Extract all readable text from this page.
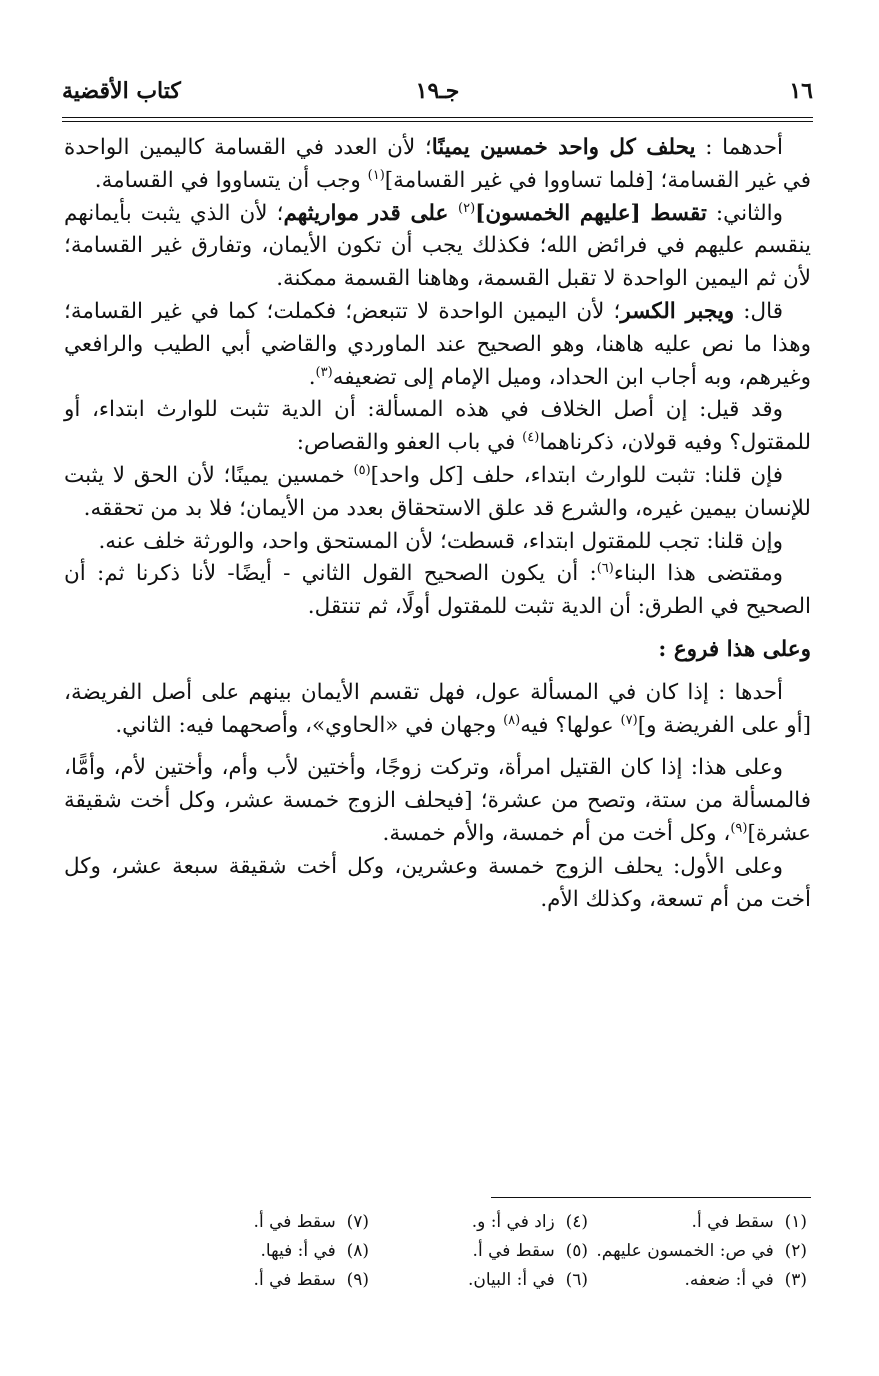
١٦
جـ١٩
كتاب الأقضية

أحدهما : يحلف كل واحد خمسين يمينًا؛ لأن العدد في القسامة كاليمين الواحدة في غير القسامة؛ [فلما تساووا في غير القسامة]$^{(١)}$ وجب أن يتساووا في القسامة.

والثاني: تقسط [عليهم الخمسون]$^{(٢)}$ على قدر مواريثهم؛ لأن الذي يثبت بأيمانهم ينقسم عليهم في فرائض الله؛ فكذلك يجب أن تكون الأيمان، وتفارق غير القسامة؛ لأن ثم اليمين الواحدة لا تقبل القسمة، وهاهنا القسمة ممكنة.

قال: ويجبر الكسر؛ لأن اليمين الواحدة لا تتبعض؛ فكملت؛ كما في غير القسامة؛ وهذا ما نص عليه هاهنا، وهو الصحيح عند الماوردي والقاضي أبي الطيب والرافعي وغيرهم، وبه أجاب ابن الحداد، وميل الإمام إلى تضعيفه$^{(٣)}$.

وقد قيل: إن أصل الخلاف في هذه المسألة: أن الدية تثبت للوارث ابتداء، أو للمقتول؟ وفيه قولان، ذكرناهما$^{(٤)}$ في باب العفو والقصاص:

فإن قلنا: تثبت للوارث ابتداء، حلف [كل واحد]$^{(٥)}$ خمسين يمينًا؛ لأن الحق لا يثبت للإنسان بيمين غيره، والشرع قد علق الاستحقاق بعدد من الأيمان؛ فلا بد من تحققه.

وإن قلنا: تجب للمقتول ابتداء، قسطت؛ لأن المستحق واحد، والورثة خلف عنه.

ومقتضى هذا البناء$^{(٦)}$: أن يكون الصحيح القول الثاني - أيضًا- لأنا ذكرنا ثم: أن الصحيح في الطرق: أن الدية تثبت للمقتول أولًا، ثم تنتقل.

وعلى هذا فروع :

أحدها : إذا كان في المسألة عول، فهل تقسم الأيمان بينهم على أصل الفريضة، [أو على الفريضة و]$^{(٧)}$ عولها؟ فيه$^{(٨)}$ وجهان في «الحاوي»، وأصحهما فيه: الثاني.

وعلى هذا: إذا كان القتيل امرأة، وتركت زوجًا، وأختين لأب وأم، وأختين لأم، وأمًّا، فالمسألة من ستة، وتصح من عشرة؛ [فيحلف الزوج خمسة عشر، وكل أخت شقيقة عشرة]$^{(٩)}$، وكل أخت من أم خمسة، والأم خمسة.

وعلى الأول: يحلف الزوج خمسة وعشرين، وكل أخت شقيقة سبعة عشر، وكل أخت من أم تسعة، وكذلك الأم.

(١)  سقط في أ.
(٢)  في ص: الخمسون عليهم.
(٣)  في أ: ضعفه.
(٤)  زاد في أ: و.
(٥)  سقط في أ.
(٦)  في أ: البيان.
(٧)  سقط في أ.
(٨)  في أ: فيها.
(٩)  سقط في أ.
